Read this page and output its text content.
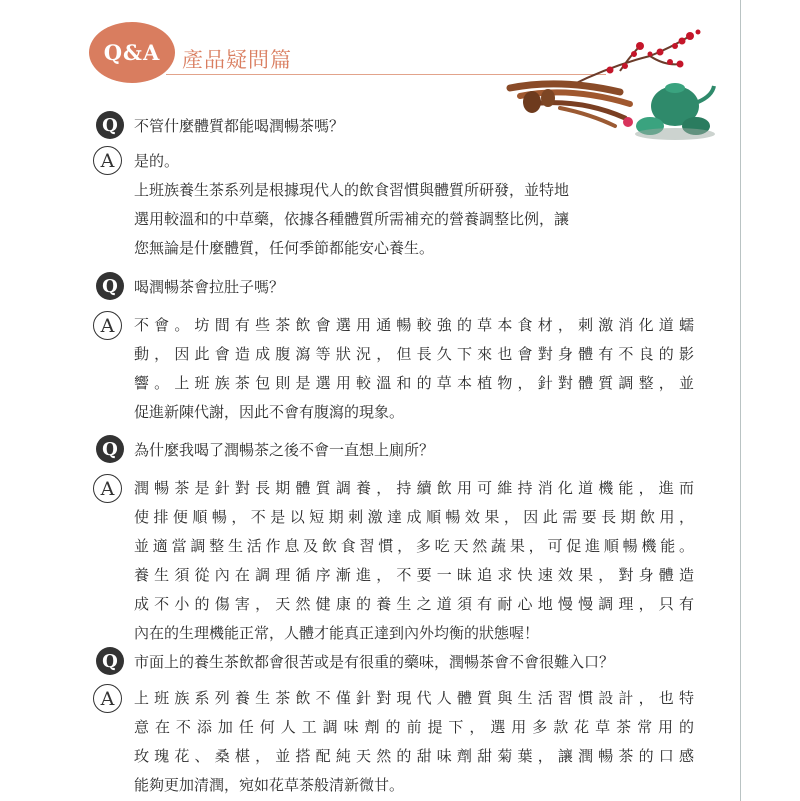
Q&A	產品疑問篇
Q	不管什麼體質都能喝潤暢茶嗎？
A	是的。
上班族養生茶系列是根據現代人的飲食習慣與體質所研發，並特地
選用較溫和的中草藥，依據各種體質所需補充的營養調整比例，讓
您無論是什麼體質，任何季節都能安心養生。
Q	喝潤暢茶會拉肚子嗎？
A	不會。坊間有些茶飲會選用通暢較強的草本食材，刺激消化道蠕
動，因此會造成腹瀉等狀況，但長久下來也會對身體有不良的影
響。上班族茶包則是選用較溫和的草本植物，針對體質調整，並
促進新陳代謝，因此不會有腹瀉的現象。
Q	為什麼我喝了潤暢茶之後不會一直想上廁所？
A	潤暢茶是針對長期體質調養，持續飲用可維持消化道機能，進而
使排便順暢，不是以短期刺激達成順暢效果，因此需要長期飲用，
並適當調整生活作息及飲食習慣，多吃天然蔬果，可促進順暢機能。
養生須從內在調理循序漸進，不要一昧追求快速效果，對身體造
成不小的傷害，天然健康的養生之道須有耐心地慢慢調理，只有
內在的生理機能正常，人體才能真正達到內外均衡的狀態喔！
Q	市面上的養生茶飲都會很苦或是有很重的藥味，潤暢茶會不會很難入口？
A	上班族系列養生茶飲不僅針對現代人體質與生活習慣設計，也特
意在不添加任何人工調味劑的前提下，選用多款花草茶常用的
玫瑰花、桑椹，並搭配純天然的甜味劑甜菊葉，讓潤暢茶的口感
能夠更加清潤，宛如花草茶般清新微甘。
